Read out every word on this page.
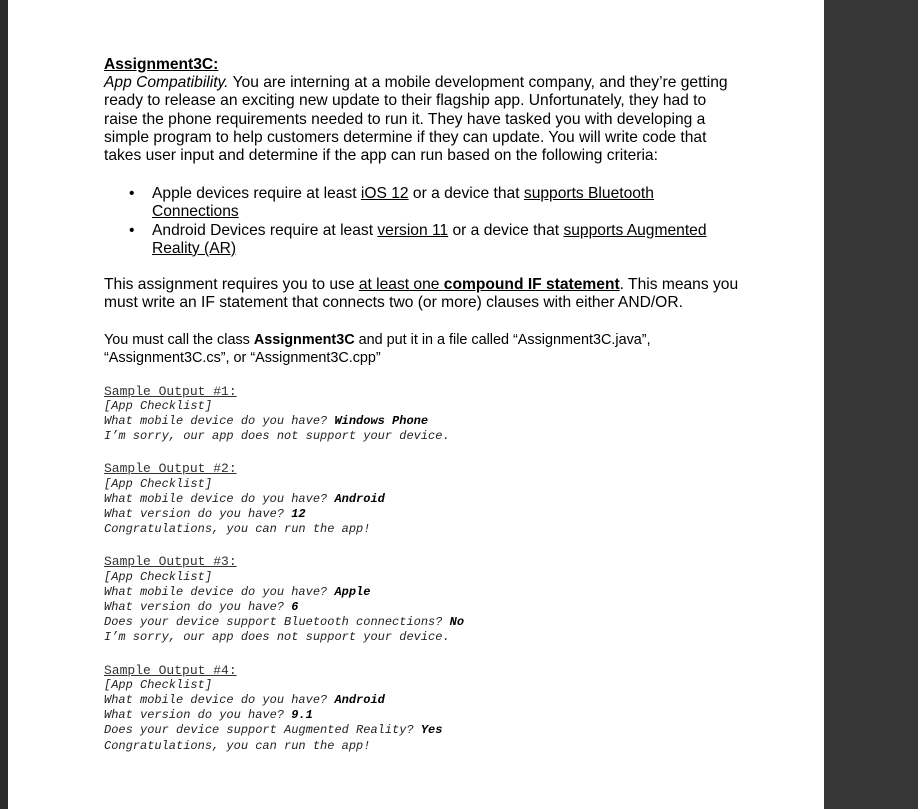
Assignment3C:

App Compatibility. You are interning at a mobile development company, and they’re getting ready to release an exciting new update to their flagship app. Unfortunately, they had to raise the phone requirements needed to run it. They have tasked you with developing a simple program to help customers determine if they can update. You will write code that takes user input and determine if the app can run based on the following criteria:

• Apple devices require at least iOS 12 or a device that supports Bluetooth Connections
• Android Devices require at least version 11 or a device that supports Augmented Reality (AR)

This assignment requires you to use at least one compound IF statement. This means you must write an IF statement that connects two (or more) clauses with either AND/OR.

You must call the class Assignment3C and put it in a file called “Assignment3C.java”, “Assignment3C.cs”, or “Assignment3C.cpp”

Sample Output #1:
[App Checklist]
What mobile device do you have? Windows Phone
I’m sorry, our app does not support your device.
Sample Output #2:
[App Checklist]
What mobile device do you have? Android
What version do you have? 12
Congratulations, you can run the app!
Sample Output #3:
[App Checklist]
What mobile device do you have? Apple
What version do you have? 6
Does your device support Bluetooth connections? No
I’m sorry, our app does not support your device.
Sample Output #4:
[App Checklist]
What mobile device do you have? Android
What version do you have? 9.1
Does your device support Augmented Reality? Yes
Congratulations, you can run the app!
